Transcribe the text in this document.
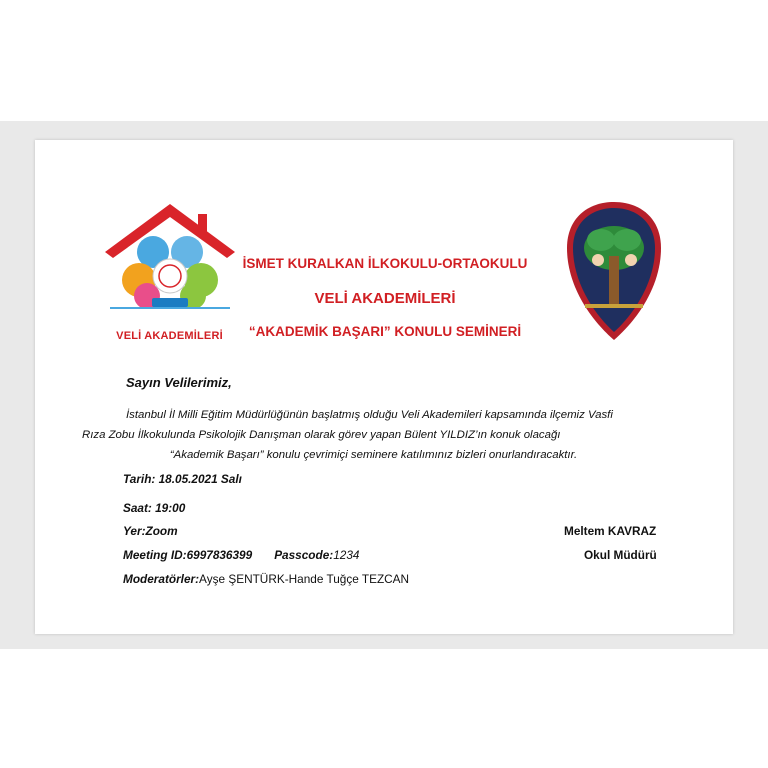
VELİ AKADEMİLERİ
İSMET KURALKAN İLKOKULU-ORTAOKULU
VELİ AKADEMİLERİ
“AKADEMİK BAŞARI” KONULU SEMİNERİ
Sayın Velilerimiz,

İstanbul İl Milli Eğitim Müdürlüğünün başlatmış olduğu Veli Akademileri kapsamında ilçemiz Vasfi

Rıza Zobu İlkokulunda Psikolojik Danışman olarak görev yapan Bülent YILDIZ’ın konuk olacağı

“Akademik Başarı” konulu çevrimiçi seminere katılımınız bizleri onurlandıracaktır.

Tarih: 18.05.2021 Salı
Saat: 19:00
Yer:Zoom
Meeting ID:6997836399 Passcode:1234
Moderatörler:Ayşe ŞENTÜRK-Hande Tuğçe TEZCAN
Meltem KAVRAZ
Okul Müdürü
